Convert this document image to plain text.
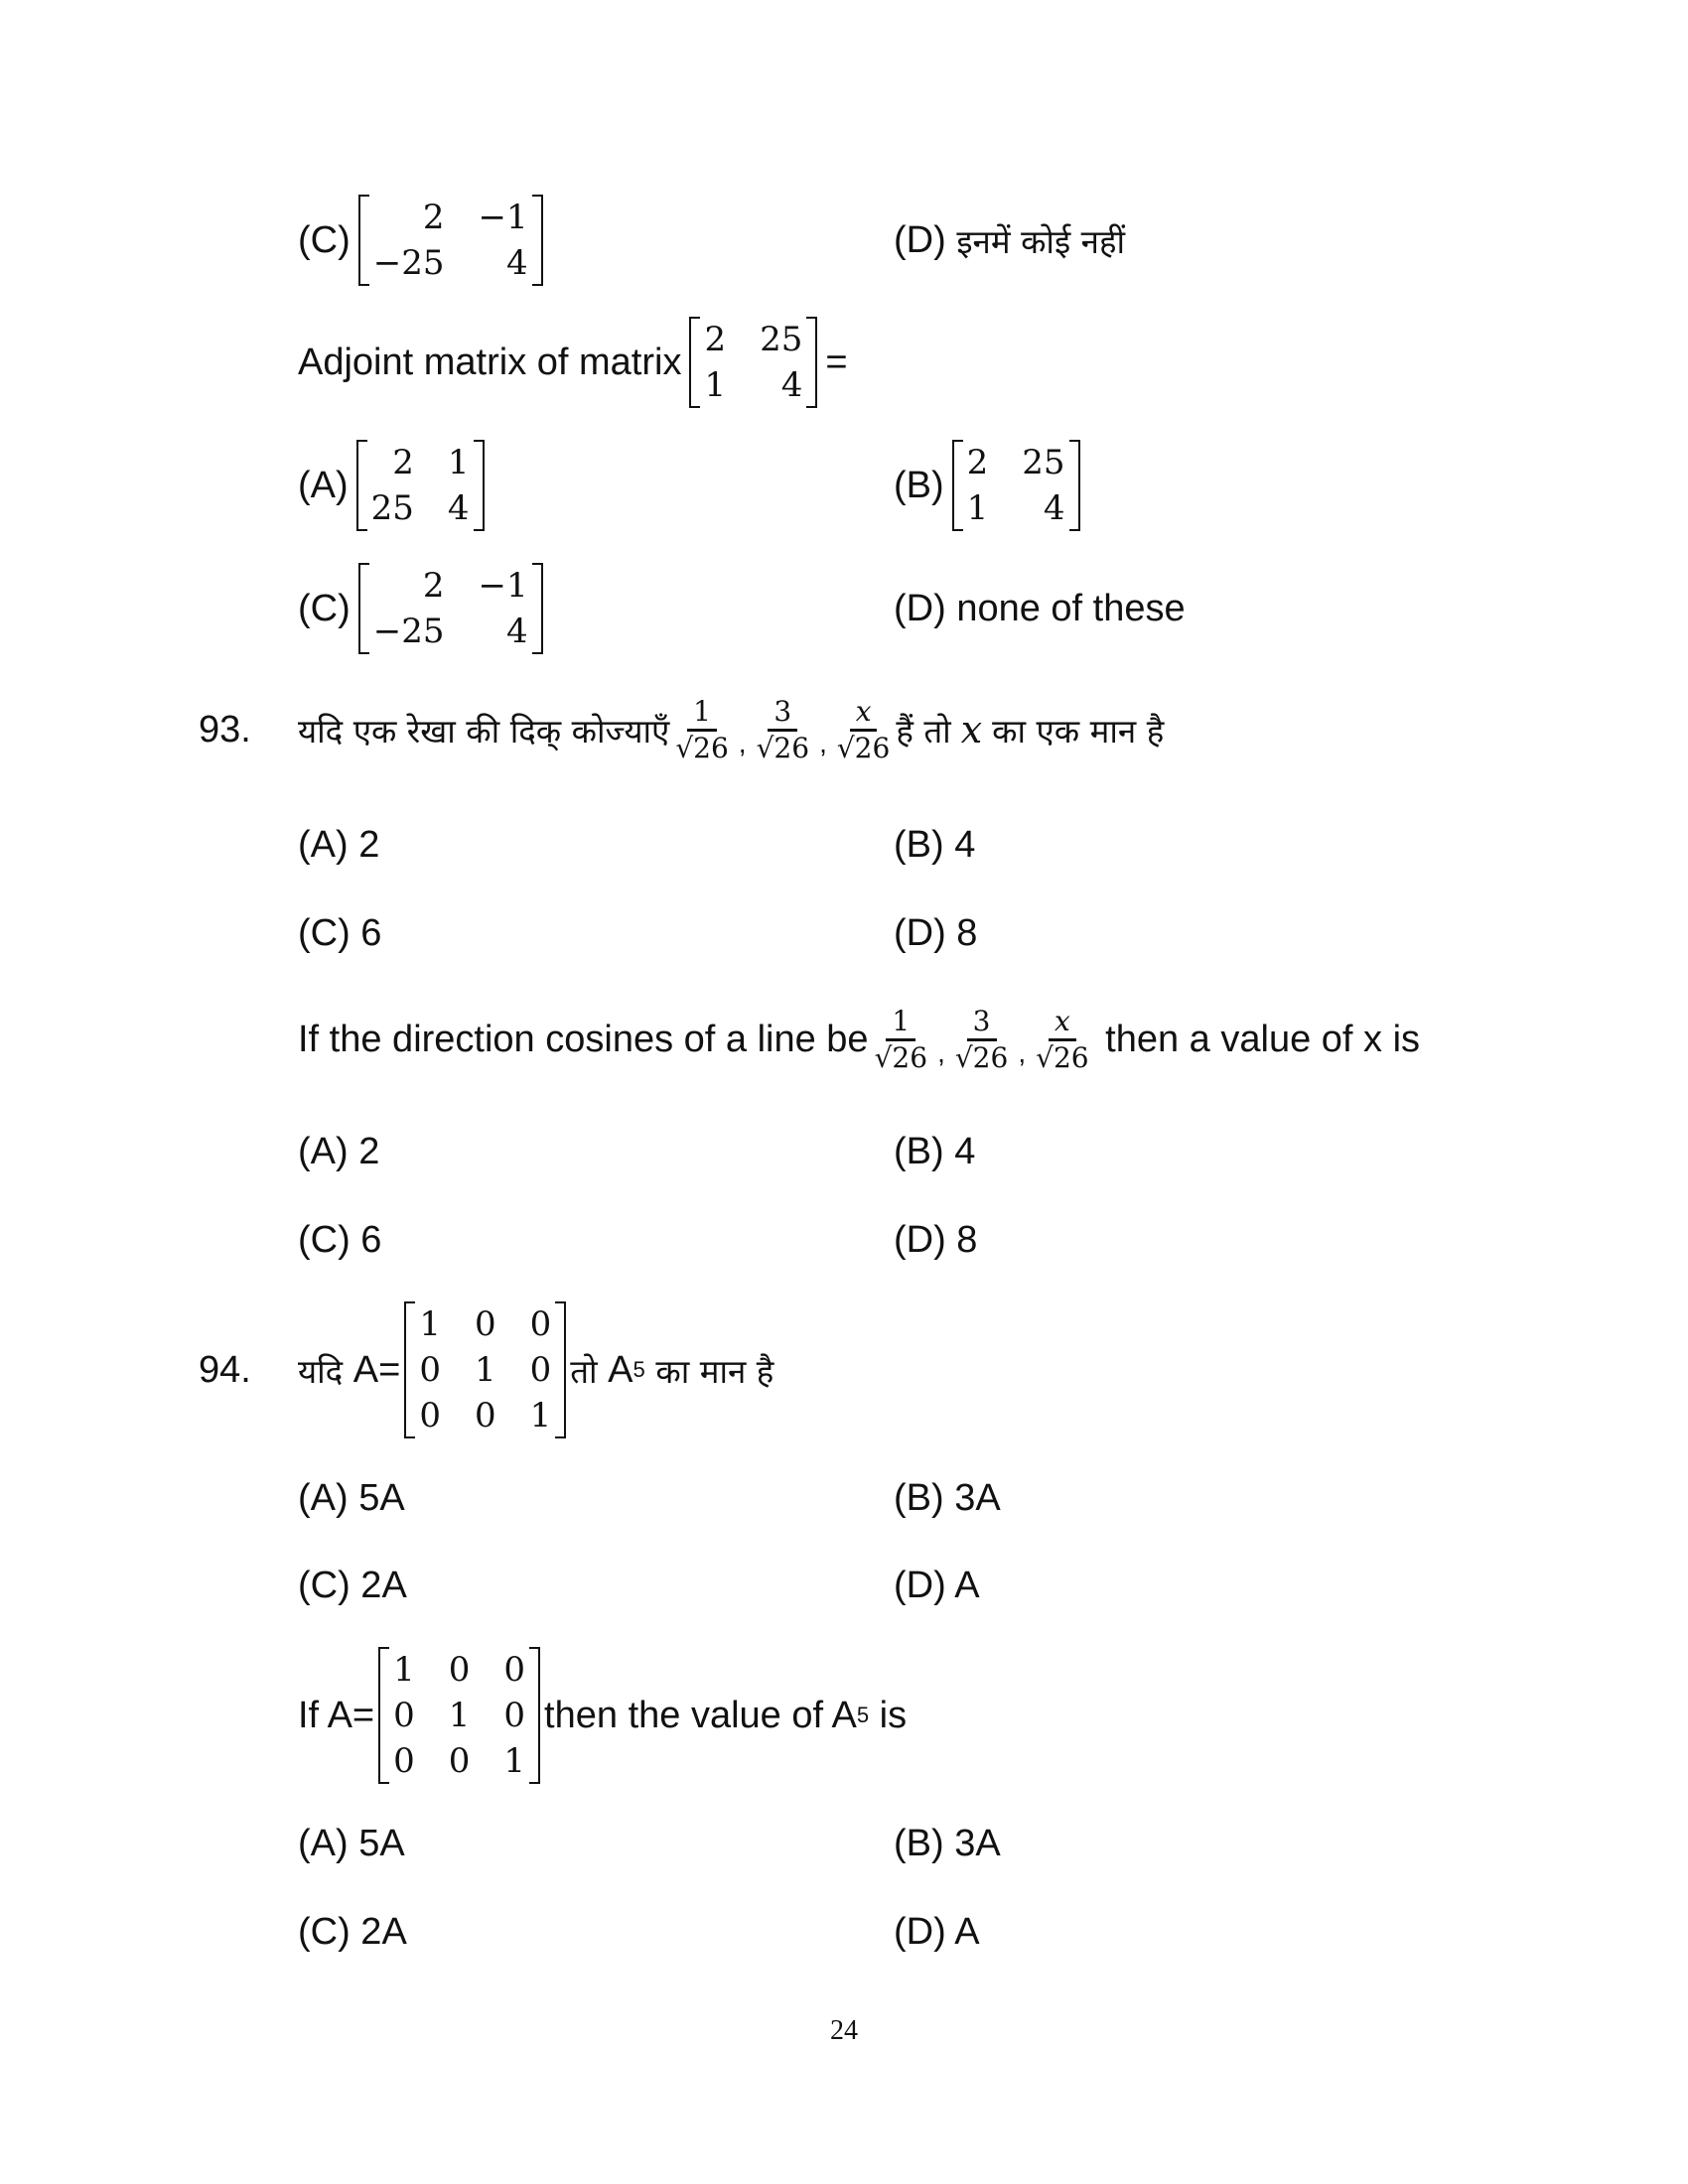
(C)
2 −1
−25	4
(D)
इनमें कोई नहीं
Adjoint matrix of matrix
2 25
1	4
=
(A)
2 1
25 4
(B)
2 25
1	4
(C)
2 −1
−25	4
(D)
none of these
93. यदि एक रेखा की दिक् कोज्याएँ $\frac{1}{√26}$ , $\frac{3}{√26}$ , $\frac{x}{√26}$ हैं तो x का एक मान है
(A) 2	(B) 4
(C) 6	(D) 8
If the direction cosines of a line be $\frac{1}{√26}$ , $\frac{3}{√26}$ , $\frac{x}{√26}$
then a value of x is
(A) 2	(B) 4
(C) 6	(D) 8
94. यदि
A=
1 0 0
0 1 0
0 0 1
तो
A 5
का मान है
(A) 5A	(B) 3A
(C) 2A	(D) A
If A=
1 0 0
0 1 0
0 0 1
then the value of A 5
is
(A) 5A	(B) 3A
(C) 2A	(D) A
24
